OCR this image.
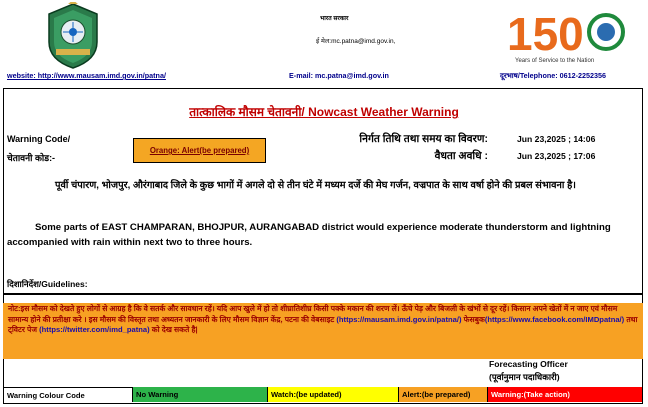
भारत सरकार
ई मेल:mc.patna@imd.gov.in, 150
Years of Service to the Nation
website: http://www.mausam.imd.gov.in/patna/	E-mail: mc.patna@imd.gov.in	दूरभाष/Telephone: 0612-2252356
तात्कालिक मौसम चेतावनी/ Nowcast Weather Warning
Warning Code/
चेतावनी कोड:-
Orange: Alert(be prepared)
निर्गत तिथि तथा समय का विवरण:	Jun 23,2025 ; 14:06
वैधता अवधि :	Jun 23,2025 ; 17:06
पूर्वी चंपारण, भोजपुर, औरंगाबाद जिले के कुछ भागों में अगले दो से तीन घंटे में मध्यम दर्जे की मेघ गर्जन, वज्रपात के साथ वर्षा होने की प्रबल संभावना है।
Some parts of EAST CHAMPARAN, BHOJPUR, AURANGABAD district would experience moderate thunderstorm and lightning accompanied with rain within next two to three hours.
दिशानिर्देश/Guidelines:
नोट:इस मौसम को देखते हुए लोगों से आग्रह है कि वे सतर्क और सावधान रहें। यदि आप खुले में हो तो शीघ्रातिशीघ्र किसी पक्के मकान की शरण लें। ऊँचे पेड़ और बिजली के खंभों से दूर रहें। किसान अपने खेतों में न जाए एवं मौसम सामान्य होने की प्रतीक्षा करे । इस मौसम की विस्तृत तथा अध्यतन जानकारी के लिए मौसम विज्ञान केंद्र, पटना की वेबसाइट (https://mausam.imd.gov.in/patna/) फेसबुक(https://www.facebook.com/IMDpatna/) तथा ट्विटर पेज (https://twitter.com/imd_patna) को देख सकते है|
Forecasting Officer
(पूर्वानुमान पदाधिकारी)
Warning Colour Code	No Warning	Watch:(be updated)	Alert:(be prepared)	Warning:(Take action)
